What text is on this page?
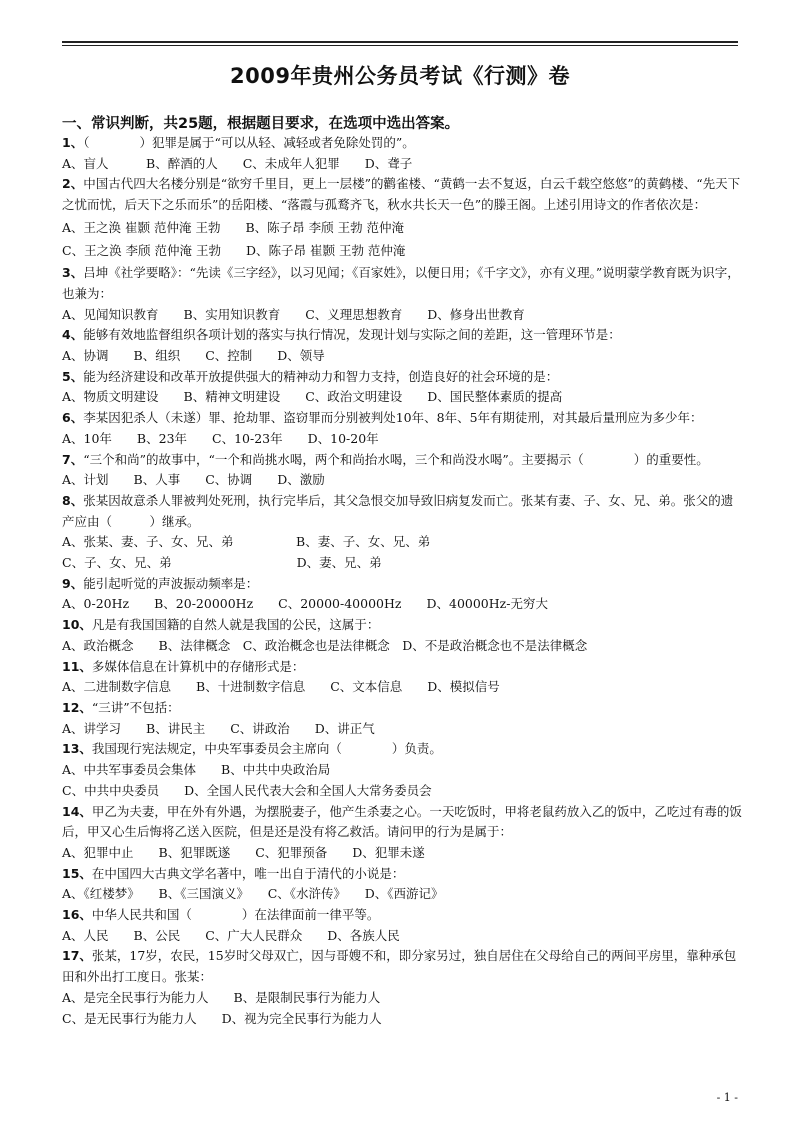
2009年贵州公务员考试《行测》卷
一、常识判断，共25题，根据题目要求，在选项中选出答案。

1、（　　　　）犯罪是属于“可以从轻、减轻或者免除处罚的”。

A、盲人　　　B、醉酒的人　　C、未成年人犯罪　　D、聋子

2、中国古代四大名楼分别是“欲穷千里目，更上一层楼”的鹳雀楼、“黄鹤一去不复返，白云千载空悠悠”的黄鹤楼、“先天下之忧而忧，后天下之乐而乐”的岳阳楼、“落霞与孤鹜齐飞，秋水共长天一色”的滕王阁。上述引用诗文的作者依次是：

A、王之涣 崔颢 范仲淹 王勃　　B、陈子昂 李颀 王勃 范仲淹

C、王之涣 李颀 范仲淹 王勃　　D、陈子昂 崔颢 王勃 范仲淹

3、吕坤《社学要略》：“先读《三字经》，以习见闻；《百家姓》，以便日用；《千字文》，亦有义理。”说明蒙学教育既为识字，也兼为：

A、见闻知识教育　　B、实用知识教育　　C、义理思想教育　　D、修身出世教育

4、能够有效地监督组织各项计划的落实与执行情况，发现计划与实际之间的差距，这一管理环节是：

A、协调　　B、组织　　C、控制　　D、领导

5、能为经济建设和改革开放提供强大的精神动力和智力支持，创造良好的社会环境的是：

A、物质文明建设　　B、精神文明建设　　C、政治文明建设　　D、国民整体素质的提高

6、李某因犯杀人（未遂）罪、抢劫罪、盗窃罪而分别被判处10年、8年、5年有期徒刑，对其最后量刑应为多少年：

A、10年　　B、23年　　C、10-23年　　D、10-20年

7、“三个和尚”的故事中，“一个和尚挑水喝，两个和尚抬水喝，三个和尚没水喝”。主要揭示（　　　　）的重要性。

A、计划　　B、人事　　C、协调　　D、激励

8、张某因故意杀人罪被判处死刑，执行完毕后，其父急恨交加导致旧病复发而亡。张某有妻、子、女、兄、弟。张父的遗产应由（　　　）继承。

A、张某、妻、子、女、兄、弟　　　　　B、妻、子、女、兄、弟

C、子、女、兄、弟　　　　　　　　　　D、妻、兄、弟

9、能引起听觉的声波振动频率是：

A、0-20Hz　　B、20-20000Hz　　C、20000-40000Hz　　D、40000Hz-无穷大

10、凡是有我国国籍的自然人就是我国的公民，这属于：

A、政治概念　　B、法律概念　C、政治概念也是法律概念　D、不是政治概念也不是法律概念

11、多媒体信息在计算机中的存储形式是：

A、二进制数字信息　　B、十进制数字信息　　C、文本信息　　D、模拟信号

12、“三讲”不包括：

A、讲学习　　B、讲民主　　C、讲政治　　D、讲正气

13、我国现行宪法规定，中央军事委员会主席向（　　　　）负责。

A、中共军事委员会集体　　B、中共中央政治局

C、中共中央委员　　D、全国人民代表大会和全国人大常务委员会

14、甲乙为夫妻，甲在外有外遇，为摆脱妻子，他产生杀妻之心。一天吃饭时，甲将老鼠药放入乙的饭中，乙吃过有毒的饭后，甲又心生后悔将乙送入医院，但是还是没有将乙救活。请问甲的行为是属于：

A、犯罪中止　　B、犯罪既遂　　C、犯罪预备　　D、犯罪未遂

15、在中国四大古典文学名著中，唯一出自于清代的小说是：

A、《红楼梦》　　B、《三国演义》　　C、《水浒传》　　D、《西游记》

16、中华人民共和国（　　　　）在法律面前一律平等。

A、人民　　B、公民　　C、广大人民群众　　D、各族人民

17、张某，17岁，农民，15岁时父母双亡，因与哥嫂不和，即分家另过，独自居住在父母给自己的两间平房里，靠种承包田和外出打工度日。张某：

A、是完全民事行为能力人　　B、是限制民事行为能力人

C、是无民事行为能力人　　D、视为完全民事行为能力人

- 1 -
